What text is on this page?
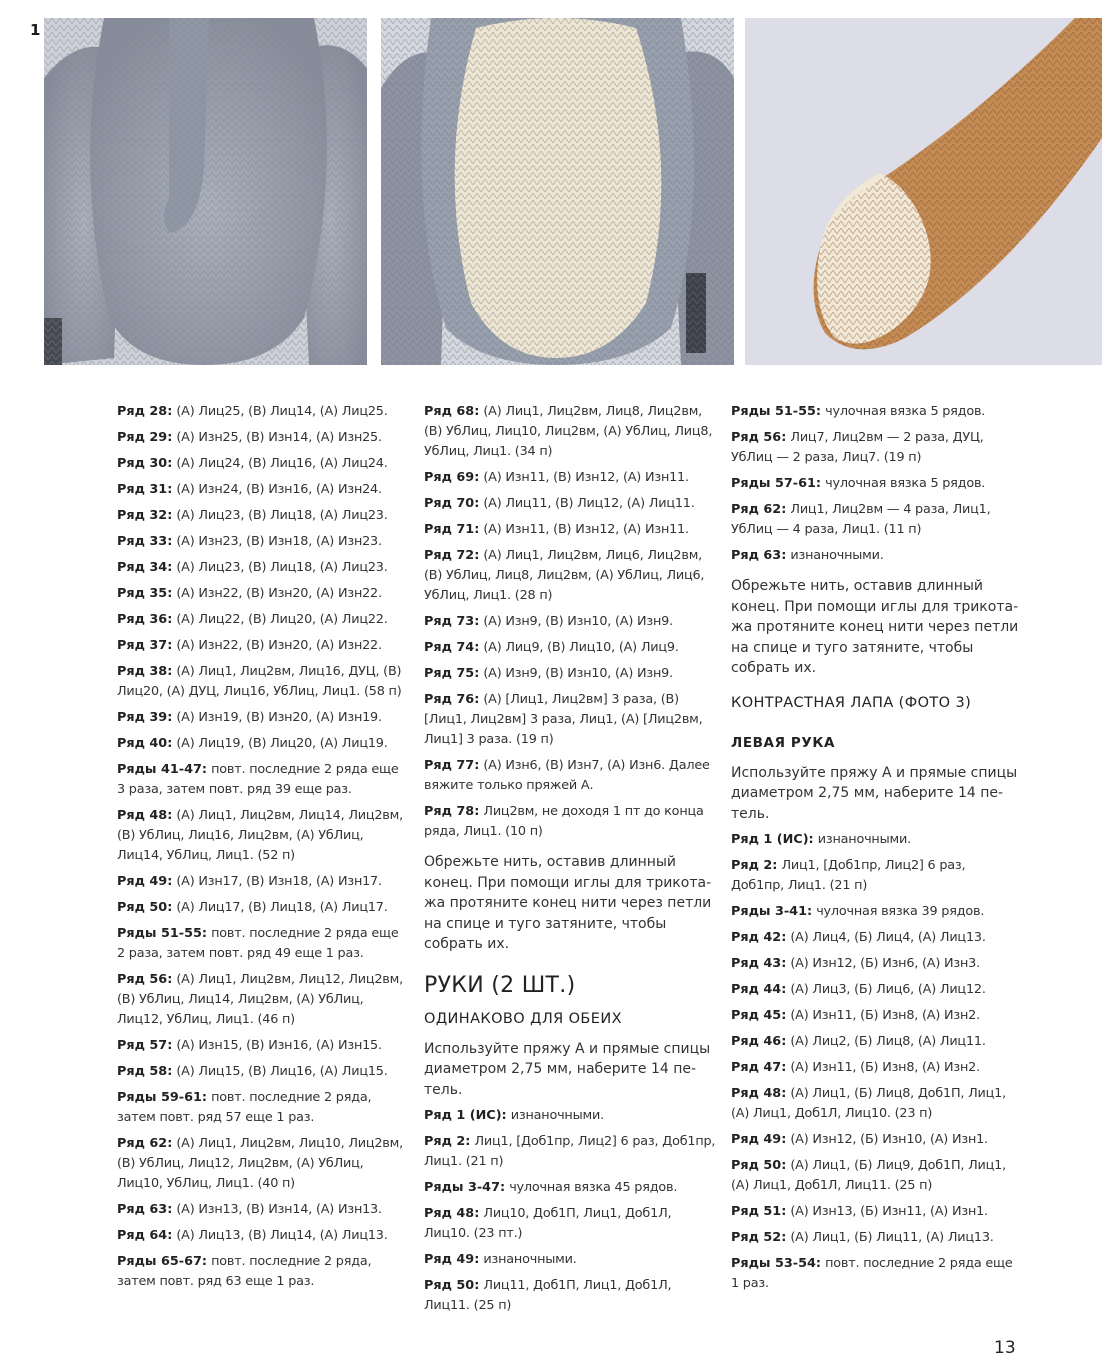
1

Ряд 28: (A) Лиц25, (B) Лиц14, (A) Лиц25.

Ряд 29: (A) Изн25, (B) Изн14, (A) Изн25.

Ряд 30: (A) Лиц24, (B) Лиц16, (A) Лиц24.

Ряд 31: (A) Изн24, (B) Изн16, (A) Изн24.

Ряд 32: (A) Лиц23, (B) Лиц18, (A) Лиц23.

Ряд 33: (A) Изн23, (B) Изн18, (A) Изн23.

Ряд 34: (A) Лиц23, (B) Лиц18, (A) Лиц23.

Ряд 35: (A) Изн22, (B) Изн20, (A) Изн22.

Ряд 36: (A) Лиц22, (B) Лиц20, (A) Лиц22.

Ряд 37: (A) Изн22, (B) Изн20, (A) Изн22.

Ряд 38: (A) Лиц1, Лиц2вм, Лиц16, ДУЦ, (B) Лиц20, (A) ДУЦ, Лиц16, УбЛиц, Лиц1. (58 п)

Ряд 39: (A) Изн19, (B) Изн20, (A) Изн19.

Ряд 40: (A) Лиц19, (B) Лиц20, (A) Лиц19.

Ряды 41-47: повт. последние 2 ряда еще 3 раза, затем повт. ряд 39 еще раз.

Ряд 48: (A) Лиц1, Лиц2вм, Лиц14, Лиц2вм, (B) УбЛиц, Лиц16, Лиц2вм, (A) УбЛиц, Лиц14, УбЛиц, Лиц1. (52 п)

Ряд 49: (A) Изн17, (B) Изн18, (A) Изн17.

Ряд 50: (A) Лиц17, (B) Лиц18, (A) Лиц17.

Ряды 51-55: повт. последние 2 ряда еще 2 раза, затем повт. ряд 49 еще 1 раз.

Ряд 56: (A) Лиц1, Лиц2вм, Лиц12, Лиц2вм, (B) УбЛиц, Лиц14, Лиц2вм, (A) УбЛиц, Лиц12, УбЛиц, Лиц1. (46 п)

Ряд 57: (A) Изн15, (B) Изн16, (A) Изн15.

Ряд 58: (A) Лиц15, (B) Лиц16, (A) Лиц15.

Ряды 59-61: повт. последние 2 ряда, затем повт. ряд 57 еще 1 раз.

Ряд 62: (A) Лиц1, Лиц2вм, Лиц10, Лиц2вм, (B) УбЛиц, Лиц12, Лиц2вм, (A) УбЛиц, Лиц10, УбЛиц, Лиц1. (40 п)

Ряд 63: (A) Изн13, (B) Изн14, (A) Изн13.

Ряд 64: (A) Лиц13, (B) Лиц14, (A) Лиц13.

Ряды 65-67: повт. последние 2 ряда, затем повт. ряд 63 еще 1 раз.

Ряд 68: (A) Лиц1, Лиц2вм, Лиц8, Лиц2вм, (B) УбЛиц, Лиц10, Лиц2вм, (A) УбЛиц, Лиц8, УбЛиц, Лиц1. (34 п)

Ряд 69: (A) Изн11, (B) Изн12, (A) Изн11.

Ряд 70: (A) Лиц11, (B) Лиц12, (A) Лиц11.

Ряд 71: (A) Изн11, (B) Изн12, (A) Изн11.

Ряд 72: (A) Лиц1, Лиц2вм, Лиц6, Лиц2вм, (B) УбЛиц, Лиц8, Лиц2вм, (A) УбЛиц, Лиц6, УбЛиц, Лиц1. (28 п)

Ряд 73: (A) Изн9, (B) Изн10, (A) Изн9.

Ряд 74: (A) Лиц9, (B) Лиц10, (A) Лиц9.

Ряд 75: (A) Изн9, (B) Изн10, (A) Изн9.

Ряд 76: (A) [Лиц1, Лиц2вм] 3 раза, (B) [Лиц1, Лиц2вм] 3 раза, Лиц1, (A) [Лиц2вм, Лиц1] 3 раза. (19 п)

Ряд 77: (A) Изн6, (B) Изн7, (A) Изн6. Далее вяжите только пряжей А.

Ряд 78: Лиц2вм, не доходя 1 пт до конца ряда, Лиц1. (10 п)

Обрежьте нить, оставив длинный конец. При помощи иглы для трикота-жа протяните конец нити через петли на спице и туго затяните, чтобы собрать их.

РУКИ (2 ШТ.)
ОДИНАКОВО ДЛЯ ОБЕИХ

Используйте пряжу А и прямые спицы диаметром 2,75 мм, наберите 14 пе-тель.

Ряд 1 (ИС): изнаночными.

Ряд 2: Лиц1, [Доб1пр, Лиц2] 6 раз, Доб1пр, Лиц1. (21 п)

Ряды 3-47: чулочная вязка 45 рядов.

Ряд 48: Лиц10, Доб1П, Лиц1, Доб1Л, Лиц10. (23 пт.)

Ряд 49: изнаночными.

Ряд 50: Лиц11, Доб1П, Лиц1, Доб1Л, Лиц11. (25 п)

Ряды 51-55: чулочная вязка 5 рядов.

Ряд 56: Лиц7, Лиц2вм — 2 раза, ДУЦ, УбЛиц — 2 раза, Лиц7. (19 п)

Ряды 57-61: чулочная вязка 5 рядов.

Ряд 62: Лиц1, Лиц2вм — 4 раза, Лиц1, УбЛиц — 4 раза, Лиц1. (11 п)

Ряд 63: изнаночными.

Обрежьте нить, оставив длинный конец. При помощи иглы для трикота-жа протяните конец нити через петли на спице и туго затяните, чтобы собрать их.

КОНТРАСТНАЯ ЛАПА (ФОТО 3)
ЛЕВАЯ РУКА

Используйте пряжу А и прямые спицы диаметром 2,75 мм, наберите 14 пе-тель.

Ряд 1 (ИС): изнаночными.

Ряд 2: Лиц1, [Доб1пр, Лиц2] 6 раз, Доб1пр, Лиц1. (21 п)

Ряды 3-41: чулочная вязка 39 рядов.

Ряд 42: (A) Лиц4, (Б) Лиц4, (A) Лиц13.

Ряд 43: (A) Изн12, (Б) Изн6, (A) Изн3.

Ряд 44: (A) Лиц3, (Б) Лиц6, (A) Лиц12.

Ряд 45: (A) Изн11, (Б) Изн8, (A) Изн2.

Ряд 46: (A) Лиц2, (Б) Лиц8, (A) Лиц11.

Ряд 47: (A) Изн11, (Б) Изн8, (A) Изн2.

Ряд 48: (A) Лиц1, (Б) Лиц8, Доб1П, Лиц1, (A) Лиц1, Доб1Л, Лиц10. (23 п)

Ряд 49: (A) Изн12, (Б) Изн10, (A) Изн1.

Ряд 50: (A) Лиц1, (Б) Лиц9, Доб1П, Лиц1, (A) Лиц1, Доб1Л, Лиц11. (25 п)

Ряд 51: (A) Изн13, (Б) Изн11, (A) Изн1.

Ряд 52: (A) Лиц1, (Б) Лиц11, (A) Лиц13.

Ряды 53-54: повт. последние 2 ряда еще 1 раз.

13
